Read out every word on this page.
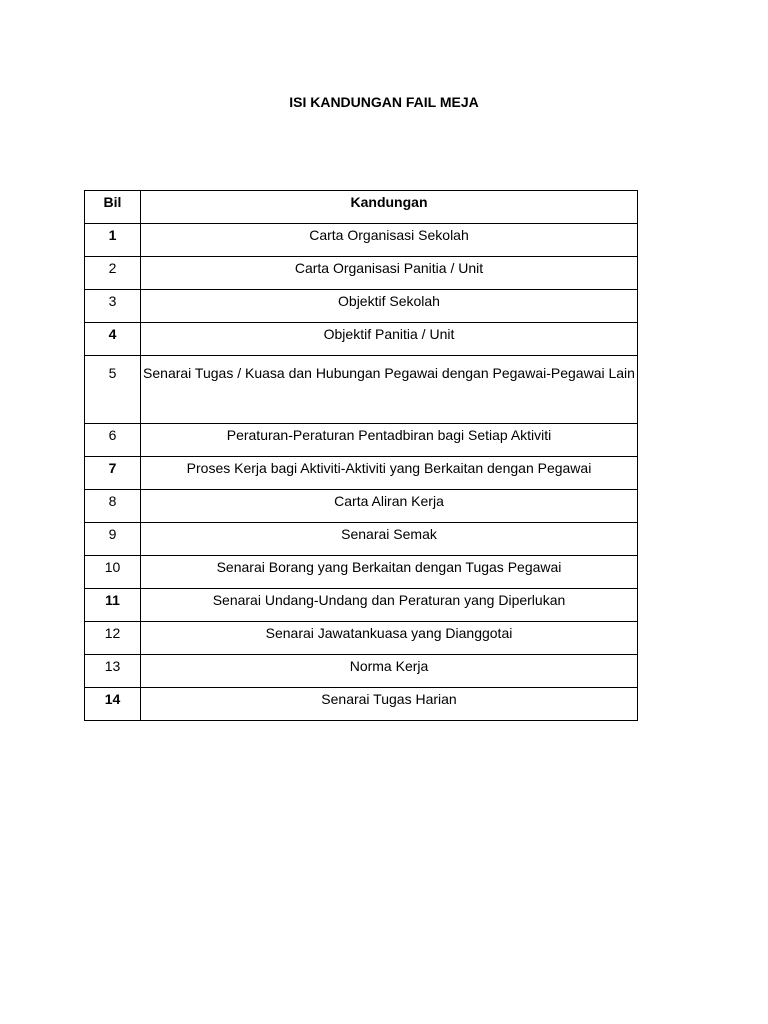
ISI KANDUNGAN FAIL MEJA
Bil	Kandungan
1	Carta Organisasi Sekolah
2	Carta Organisasi Panitia / Unit
3	Objektif Sekolah
4	Objektif Panitia / Unit
5	Senarai Tugas / Kuasa dan Hubungan Pegawai dengan Pegawai-Pegawai Lain
6	Peraturan-Peraturan Pentadbiran bagi Setiap Aktiviti
7	Proses Kerja bagi Aktiviti-Aktiviti yang Berkaitan dengan Pegawai
8	Carta Aliran Kerja
9	Senarai Semak
10	Senarai Borang yang Berkaitan dengan Tugas Pegawai
11	Senarai Undang-Undang dan Peraturan yang Diperlukan
12	Senarai Jawatankuasa yang Dianggotai
13	Norma Kerja
14	Senarai Tugas Harian
